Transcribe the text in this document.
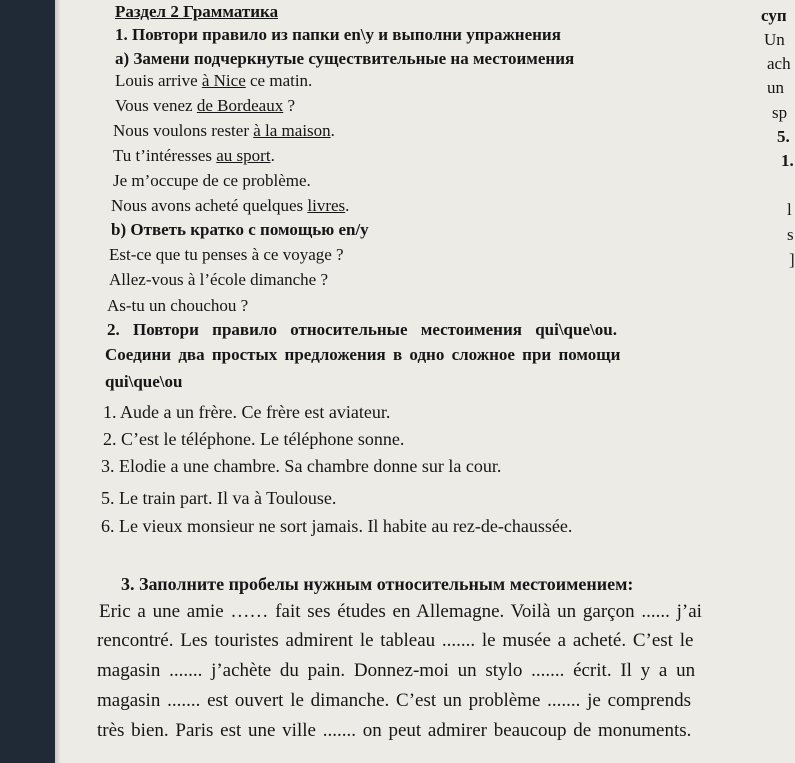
Раздел 2 Грамматика
1. Повтори правило из папки en\y и выполни упражнения
а) Замени подчеркнутые существительные на местоимения
Louis arrive à Nice ce matin.
Vous venez de Bordeaux ?
Nous voulons rester à la maison.
Tu t’intéresses au sport.
Je m’occupe de ce problème.
Nous avons acheté quelques livres.
b) Ответь кратко с помощью en/y
Est-ce que tu penses à ce voyage ?
Allez-vous à l’école dimanche ?
As-tu un chouchou ?
2. Повтори правило относительные местоимения qui\que\ou.
Соедини два простых предложения в одно сложное при помощи
qui\que\ou
1. Aude a un frère. Ce frère est aviateur.
2. C’est le téléphone. Le téléphone sonne.
3. Elodie a une chambre. Sa chambre donne sur la cour.
5. Le train part. Il va à Toulouse.
6. Le vieux monsieur ne sort jamais. Il habite au rez-de-chaussée.
3. Заполните пробелы нужным относительным местоимением:
Eric a une amie …… fait ses études en Allemagne. Voilà un garçon ...... j’ai
rencontré. Les touristes admirent le tableau ....... le musée a acheté. C’est le
magasin ....... j’achète du pain. Donnez-moi un stylo ....... écrit. Il y a un
magasin ....... est ouvert le dimanche. C’est un problème ....... je comprends
très bien. Paris est une ville ....... on peut admirer beaucoup de monuments.
суп
Un
ach
un
sp
5.
1.
l
s
]
